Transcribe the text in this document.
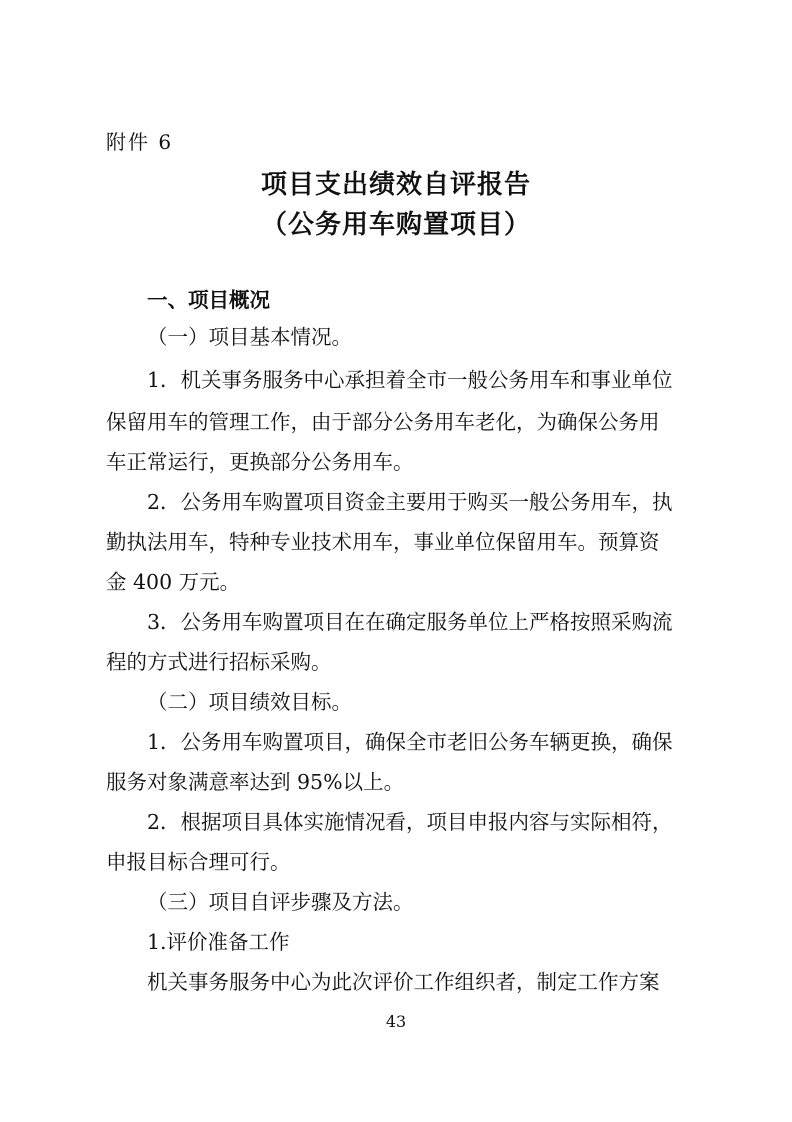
附件 6
项目支出绩效自评报告
（公务用车购置项目）
一、项目概况
（一）项目基本情况。
1．机关事务服务中心承担着全市一般公务用车和事业单位
保留用车的管理工作，由于部分公务用车老化，为确保公务用
车正常运行，更换部分公务用车。
2．公务用车购置项目资金主要用于购买一般公务用车，执
勤执法用车，特种专业技术用车，事业单位保留用车。预算资
金 400 万元。
3．公务用车购置项目在在确定服务单位上严格按照采购流
程的方式进行招标采购。
（二）项目绩效目标。
1．公务用车购置项目，确保全市老旧公务车辆更换，确保
服务对象满意率达到 95%以上。
2．根据项目具体实施情况看，项目申报内容与实际相符，
申报目标合理可行。
（三）项目自评步骤及方法。
1.评价准备工作
机关事务服务中心为此次评价工作组织者，制定工作方案
43
